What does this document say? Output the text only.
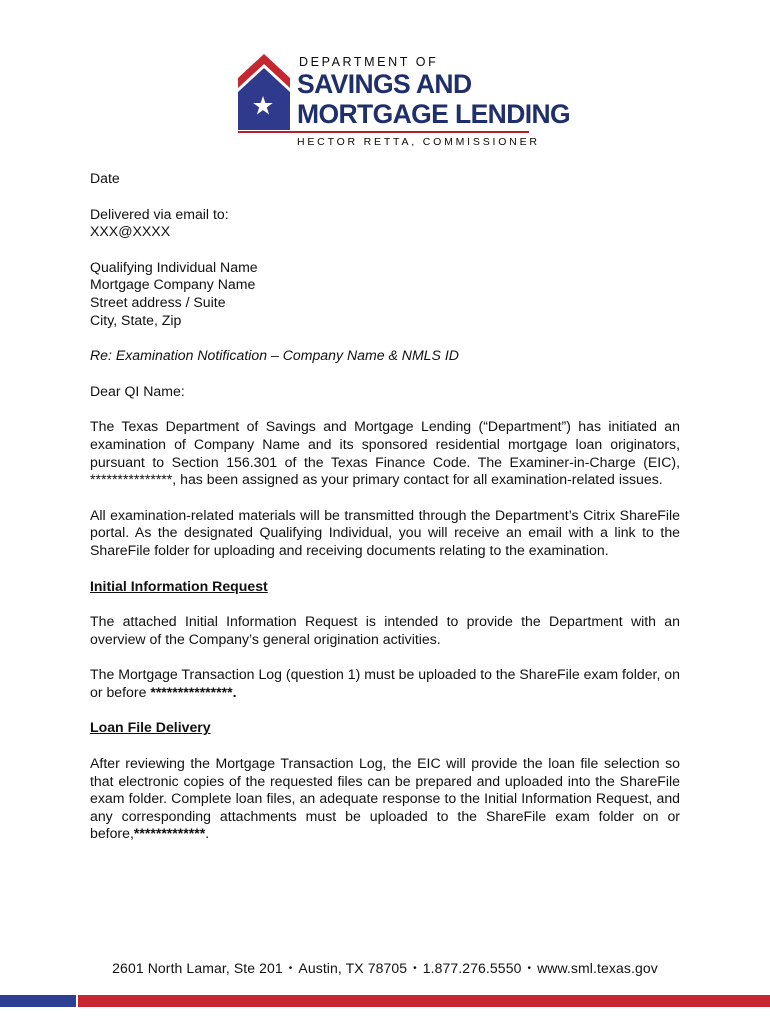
DEPARTMENT OF
SAVINGS AND
MORTGAGE LENDING
HECTOR RETTA, COMMISSIONER

Date

Delivered via email to:

XXX@XXXX

Qualifying Individual Name

Mortgage Company Name

Street address / Suite

City, State, Zip

Re: Examination Notification – Company Name & NMLS ID

Dear QI Name:

The Texas Department of Savings and Mortgage Lending (“Department”) has initiated an examination of Company Name and its sponsored residential mortgage loan originators, pursuant to Section 156.301 of the Texas Finance Code. The Examiner-in-Charge (EIC), ***************, has been assigned as your primary contact for all examination-related issues.

All examination-related materials will be transmitted through the Department’s Citrix ShareFile portal. As the designated Qualifying Individual, you will receive an email with a link to the ShareFile folder for uploading and receiving documents relating to the examination.

Initial Information Request

The attached Initial Information Request is intended to provide the Department with an overview of the Company’s general origination activities.

The Mortgage Transaction Log (question 1) must be uploaded to the ShareFile exam folder, on or before ***************.

Loan File Delivery

After reviewing the Mortgage Transaction Log, the EIC will provide the loan file selection so that electronic copies of the requested files can be prepared and uploaded into the ShareFile exam folder. Complete loan files, an adequate response to the Initial Information Request, and any corresponding attachments must be uploaded to the ShareFile exam folder on or before,*************.

2601 North Lamar, Ste 201 • Austin, TX 78705 • 1.877.276.5550 • www.sml.texas.gov
